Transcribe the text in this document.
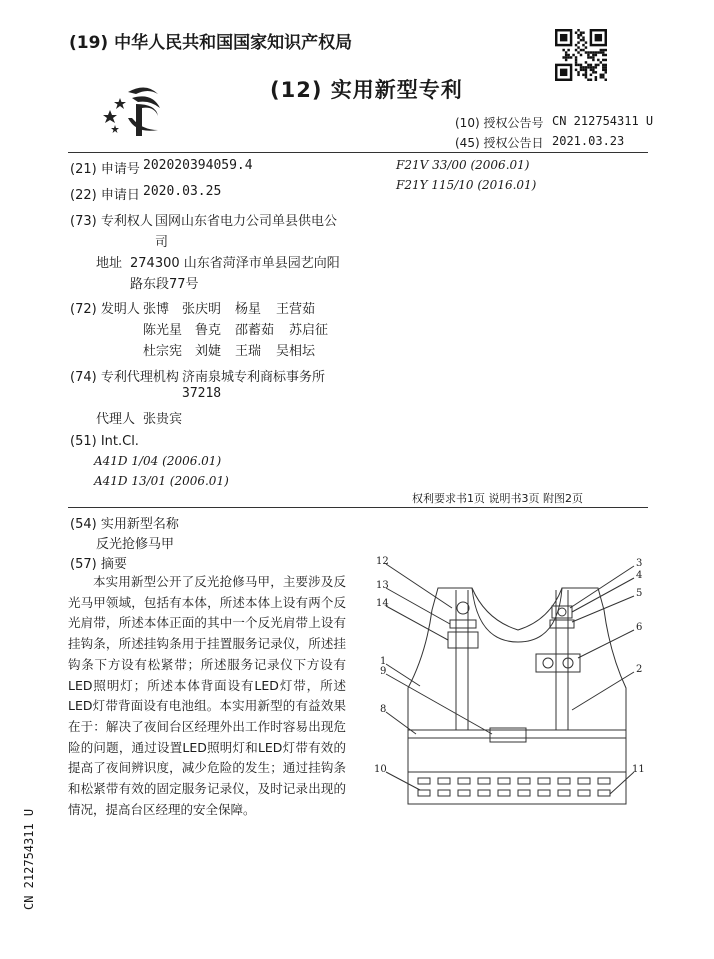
(19) 中华人民共和国国家知识产权局
(12) 实用新型专利
(10) 授权公告号 CN 212754311 U
(45) 授权公告日 2021.03.23
(21) 申请号 202020394059.4
(22) 申请日 2020.03.25
(73) 专利权人 国网山东省电力公司单县供电公
司
地址 274300 山东省菏泽市单县园艺向阳
路东段77号
(72) 发明人 张博 张庆明 杨星 王营茹
陈光星 鲁克 邵蓄茹 苏启征
杜宗宪 刘婕 王瑞 吴相坛
(74) 专利代理机构 济南泉城专利商标事务所
37218
代理人 张贵宾
(51) Int.Cl.
A41D 1/04 (2006.01)
A41D 13/01 (2006.01)
F21V 33/00 (2006.01)
F21Y 115/10 (2016.01)
权利要求书1页 说明书3页 附图2页
(54) 实用新型名称
反光抢修马甲
(57) 摘要
本实用新型公开了反光抢修马甲，主要涉及反光马甲领域，包括有本体，所述本体上设有两个反光肩带，所述本体正面的其中一个反光肩带上设有挂钩条，所述挂钩条用于挂置服务记录仪，所述挂钩条下方设有松紧带；所述服务记录仪下方设有LED照明灯；所述本体背面设有LED灯带，所述LED灯带背面设有电池组。本实用新型的有益效果在于：解决了夜间台区经理外出工作时容易出现危险的问题，通过设置LED照明灯和LED灯带有效的提高了夜间辨识度，减少危险的发生；通过挂钩条和松紧带有效的固定服务记录仪，及时记录出现的情况，提高台区经理的安全保障。
CN 212754311 U
12
13
14
1
9
8
10
3
4
5
6
2
11
